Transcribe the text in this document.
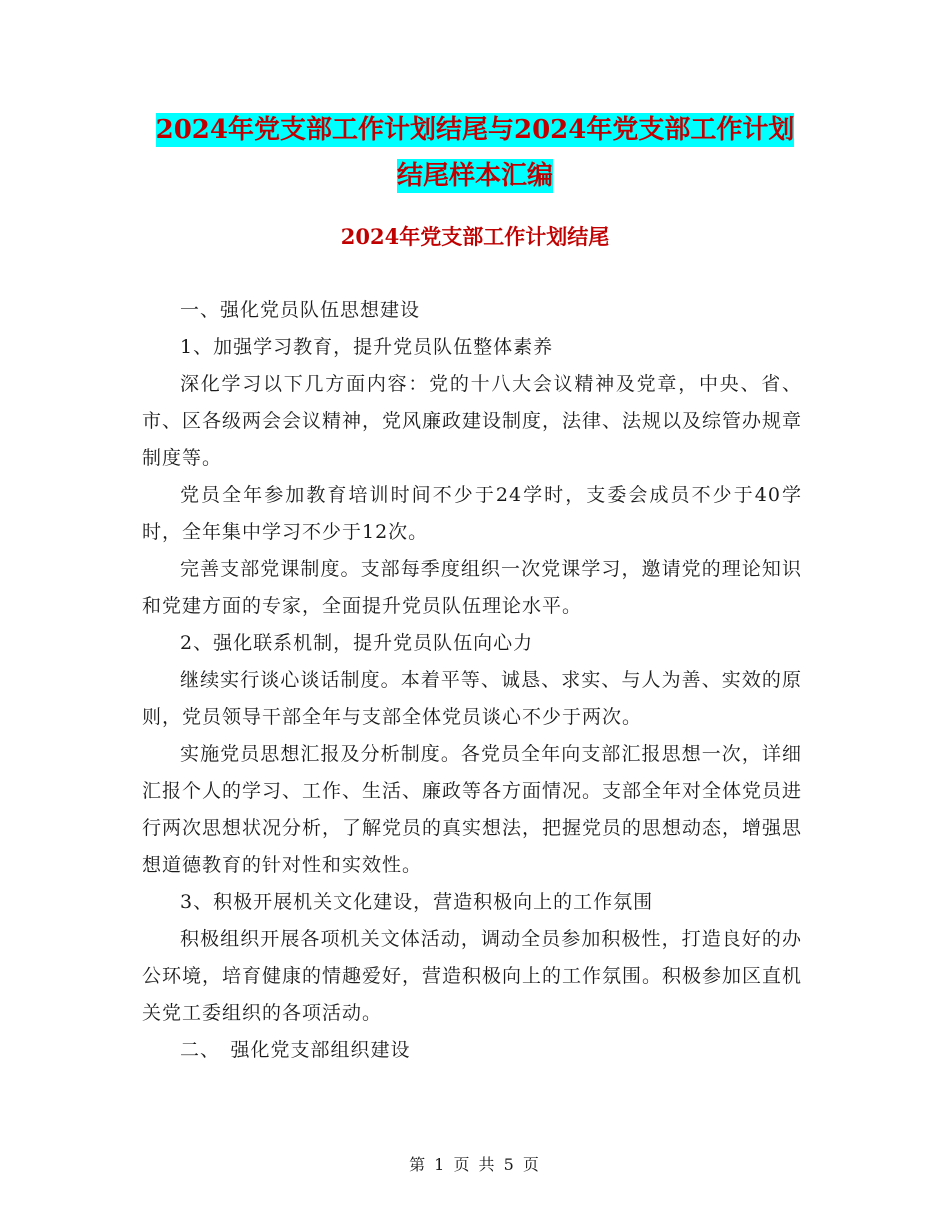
2024年党支部工作计划结尾与2024年党支部工作计划
结尾样本汇编
2024年党支部工作计划结尾

一、强化党员队伍思想建设

1、加强学习教育，提升党员队伍整体素养

深化学习以下几方面内容：党的十八大会议精神及党章，中央、省、市、区各级两会会议精神，党风廉政建设制度，法律、法规以及综管办规章制度等。

党员全年参加教育培训时间不少于24学时，支委会成员不少于40学时，全年集中学习不少于12次。

完善支部党课制度。支部每季度组织一次党课学习，邀请党的理论知识和党建方面的专家，全面提升党员队伍理论水平。

2、强化联系机制，提升党员队伍向心力

继续实行谈心谈话制度。本着平等、诚恳、求实、与人为善、实效的原则，党员领导干部全年与支部全体党员谈心不少于两次。

实施党员思想汇报及分析制度。各党员全年向支部汇报思想一次，详细汇报个人的学习、工作、生活、廉政等各方面情况。支部全年对全体党员进行两次思想状况分析，了解党员的真实想法，把握党员的思想动态，增强思想道德教育的针对性和实效性。

3、积极开展机关文化建设，营造积极向上的工作氛围

积极组织开展各项机关文体活动，调动全员参加积极性，打造良好的办公环境，培育健康的情趣爱好，营造积极向上的工作氛围。积极参加区直机关党工委组织的各项活动。

二、　强化党支部组织建设

第 1 页 共 5 页
